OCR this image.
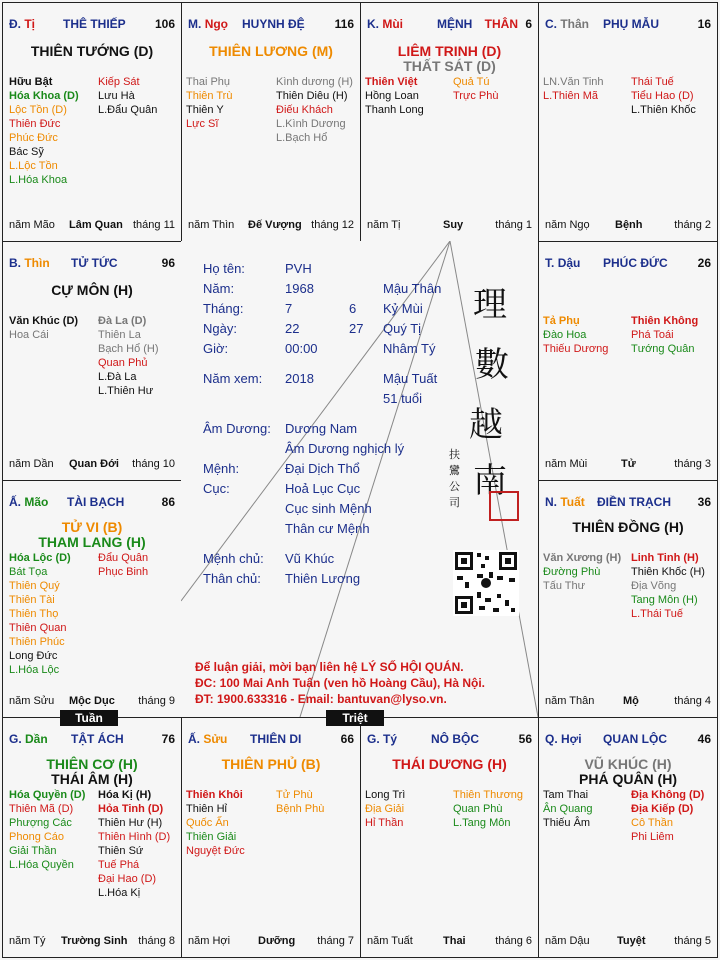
Đ. Tị THÊ THIẾP 106
THIÊN TƯỚNG (D)
Hữu Bật
Hóa Khoa (D)
Lộc Tồn (D)
Thiên Đức
Phúc Đức
Bác Sỹ
L.Lộc Tồn
L.Hóa Khoa
Kiếp Sát
Lưu Hà
L.Đẩu Quân
năm Mão Lâm Quan tháng 11
M. Ngọ HUYNH ĐỆ 116
THIÊN LƯƠNG (M)
Thai Phụ
Thiên Trù
Thiên Y
Lực Sĩ
Kình dương (H)
Thiên Diêu (H)
Điếu Khách
L.Kình Dương
L.Bạch Hổ
năm Thìn Đế Vượng tháng 12
K. Mùi	MỆNH THÂN 6
LIÊM TRINH (D)
THẤT SÁT (D)
Thiên Việt
Hồng Loan
Thanh Long
Quả Tú
Trực Phù
năm Tị	Suy	tháng 1
C. Thân PHỤ MẪU	16
LN.Văn Tinh
L.Thiên Mã
Thái Tuế
Tiểu Hao (D)
L.Thiên Khốc
năm Ngọ Bệnh	tháng 2
B. Thìn TỬ TỨC	96
CỰ MÔN (H)
Văn Khúc (D)
Hoa Cái
Đà La (D)
Thiên La
Bạch Hổ (H)
Quan Phủ
L.Đà La
L.Thiên Hư
năm Dần Quan Đới tháng 10
T. Dậu PHÚC ĐỨC	26
Tả Phụ
Đào Hoa
Thiếu Dương
Thiên Không
Phá Toái
Tướng Quân
năm Mùi	Tử	tháng 3
Ấ. Mão TÀI BẠCH	86
TỬ VI (B)
THAM LANG (H)
Hóa Lộc (D)
Bát Tọa
Thiên Quý
Thiên Tài
Thiên Thọ
Thiên Quan
Thiên Phúc
Long Đức
L.Hóa Lộc
Đẩu Quân
Phục Binh
năm Sửu Mộc Dục tháng 9
N. Tuất ĐIỀN TRẠCH 36
THIÊN ĐỒNG (H)
Văn Xương (H)
Đường Phù
Tấu Thư
Linh Tinh (H)
Thiên Khốc (H)
Địa Võng
Tang Môn (H)
L.Thái Tuế
năm Thân	Mộ	tháng 4
G. Dần TẬT ÁCH	76
THIÊN CƠ (H)
THÁI ÂM (H)
Hóa Quyền (D)
Thiên Mã (D)
Phượng Các
Phong Cáo
Giải Thần
L.Hóa Quyền
Hóa Kị (H)
Hỏa Tinh (D)
Thiên Hư (H)
Thiên Hình (D)
Thiên Sứ
Tuế Phá
Đại Hao (D)
L.Hóa Kị
năm Tý Trường Sinh tháng 8
Ấ. Sửu THIÊN DI	66
THIÊN PHỦ (B)
Thiên Khôi
Thiên Hỉ
Quốc Ấn
Thiên Giải
Nguyệt Đức
Tử Phù
Bệnh Phù
năm Hợi	Dưỡng tháng 7
G. Tý	NÔ BỘC	56
THÁI DƯƠNG (H)
Long Trì
Địa Giải
Hỉ Thần
Thiên Thương
Quan Phù
L.Tang Môn
năm Tuất	Thai	tháng 6
Q. Hợi QUAN LỘC	46
VŨ KHÚC (H)
PHÁ QUÂN (H)
Tam Thai
Ân Quang
Thiếu Âm
Địa Không (D)
Địa Kiếp (D)
Cô Thần
Phi Liêm
năm Dậu Tuyệt	tháng 5
Họ tên:	PVH
Năm:	1968	Mậu Thân
Tháng:	7	6 Kỷ Mùi
Ngày:	22	27 Quý Tị
Giờ:	00:00	Nhâm Tý
Năm xem: 2018	Mậu Tuất
51 tuổi
Âm Dương: Dương Nam
Âm Dương nghịch lý
Mệnh:	Đại Dịch Thổ
Cục:	Hoả Lục Cục
Cục sinh Mệnh
Thân cư Mệnh
Mệnh chủ: Vũ Khúc
Thân chủ: Thiên Lương
理
數
越
南
扶
鸞
公
司
Để luận giải, mời bạn liên hệ LÝ SỐ HỘI QUÁN.
ĐC: 100 Mai Anh Tuấn (ven hồ Hoàng Cầu), Hà Nội.
ĐT: 1900.633316 - Email: bantuvan@lyso.vn.
Tuần	Triệt
